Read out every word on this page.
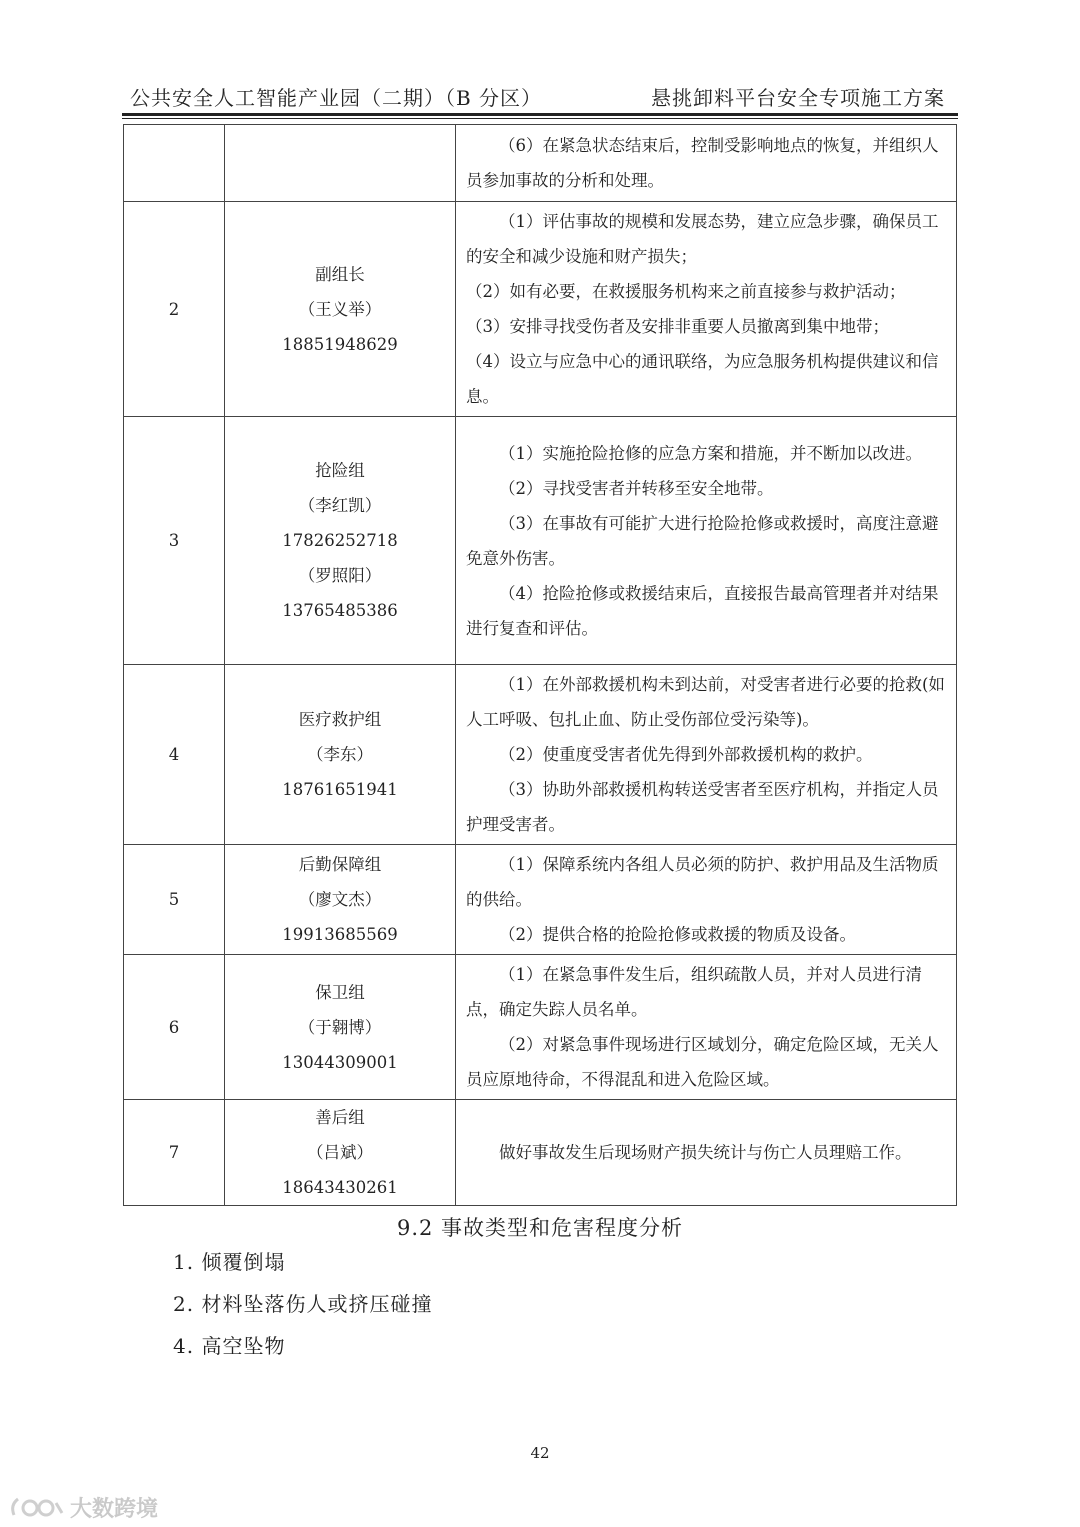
公共安全人工智能产业园（二期）（B 分区）	悬挑卸料平台安全专项施工方案

		（6）在紧急状态结束后，控制受影响地点的恢复，并组织人员参加事故的分析和处理。

2	副组长
（王义举）
18851948629	（1）评估事故的规模和发展态势，建立应急步骤，确保员工的安全和减少设施和财产损失；
（2）如有必要，在救援服务机构来之前直接参与救护活动；
（3）安排寻找受伤者及安排非重要人员撤离到集中地带；
（4）设立与应急中心的通讯联络，为应急服务机构提供建议和信息。

3	抢险组
（李红凯）
17826252718
（罗照阳）
13765485386	（1）实施抢险抢修的应急方案和措施，并不断加以改进。
（2）寻找受害者并转移至安全地带。
（3）在事故有可能扩大进行抢险抢修或救援时，高度注意避免意外伤害。
（4）抢险抢修或救援结束后，直接报告最高管理者并对结果进行复查和评估。

4	医疗救护组
（李东）
18761651941	（1）在外部救援机构未到达前，对受害者进行必要的抢救(如人工呼吸、包扎止血、防止受伤部位受污染等)。
（2）使重度受害者优先得到外部救援机构的救护。
（3）协助外部救援机构转送受害者至医疗机构，并指定人员护理受害者。

5	后勤保障组
（廖文杰）
19913685569	（1）保障系统内各组人员必须的防护、救护用品及生活物质的供给。
（2）提供合格的抢险抢修或救援的物质及设备。

6	保卫组
（于翱博）
13044309001	（1）在紧急事件发生后，组织疏散人员，并对人员进行清点，确定失踪人员名单。
（2）对紧急事件现场进行区域划分，确定危险区域，无关人员应原地待命，不得混乱和进入危险区域。

7	善后组
（吕斌）
18643430261	做好事故发生后现场财产损失统计与伤亡人员理赔工作。
9.2 事故类型和危害程度分析
1. 倾覆倒塌
2. 材料坠落伤人或挤压碰撞
4. 高空坠物
42
大数跨境
